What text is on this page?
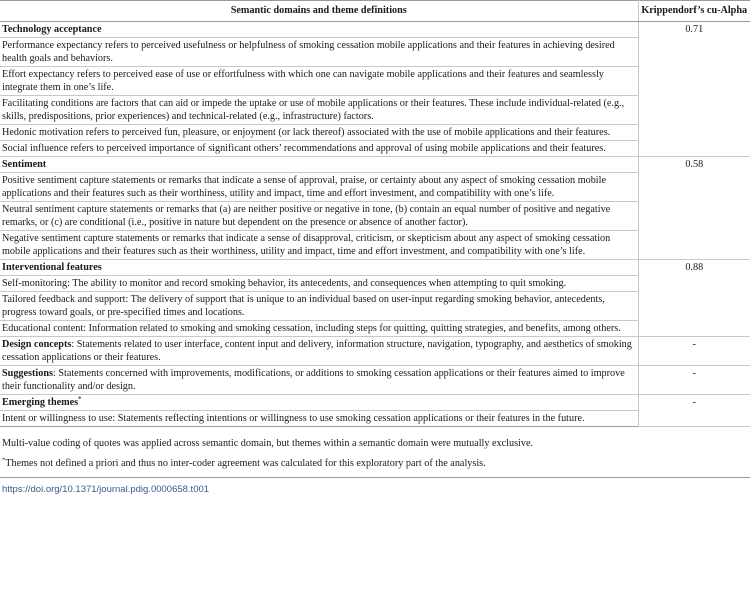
Semantic domains and theme definitions	Krippendorf’s cu-Alpha
Technology acceptance	0.71
Performance expectancy refers to perceived usefulness or helpfulness of smoking cessation mobile applications and their features in achieving desired health goals and behaviors.	
Effort expectancy refers to perceived ease of use or effortfulness with which one can navigate mobile applications and their features and seamlessly integrate them in one’s life.	
Facilitating conditions are factors that can aid or impede the uptake or use of mobile applications or their features. These include individual-related (e.g., skills, predispositions, prior experiences) and technical-related (e.g., infrastructure) factors.	
Hedonic motivation refers to perceived fun, pleasure, or enjoyment (or lack thereof) associated with the use of mobile applications and their features.	
Social influence refers to perceived importance of significant others’ recommendations and approval of using mobile applications and their features.	
Sentiment	0.58
Positive sentiment capture statements or remarks that indicate a sense of approval, praise, or certainty about any aspect of smoking cessation mobile applications and their features such as their worthiness, utility and impact, time and effort investment, and compatibility with one’s life.	
Neutral sentiment capture statements or remarks that (a) are neither positive or negative in tone, (b) contain an equal number of positive and negative remarks, or (c) are conditional (i.e., positive in nature but dependent on the presence or absence of another factor).	
Negative sentiment capture statements or remarks that indicate a sense of disapproval, criticism, or skepticism about any aspect of smoking cessation mobile applications and their features such as their worthiness, utility and impact, time and effort investment, and compatibility with one’s life.	
Interventional features	0.88
Self-monitoring: The ability to monitor and record smoking behavior, its antecedents, and consequences when attempting to quit smoking.	
Tailored feedback and support: The delivery of support that is unique to an individual based on user-input regarding smoking behavior, antecedents, progress toward goals, or pre-specified times and locations.	
Educational content: Information related to smoking and smoking cessation, including steps for quitting, quitting strategies, and benefits, among others.	
Design concepts: Statements related to user interface, content input and delivery, information structure, navigation, typography, and aesthetics of smoking cessation applications or their features.	-
Suggestions: Statements concerned with improvements, modifications, or additions to smoking cessation applications or their features aimed to improve their functionality and/or design.	-
Emerging themes*	-
Intent or willingness to use: Statements reflecting intentions or willingness to use smoking cessation applications or their features in the future.	

Multi-value coding of quotes was applied across semantic domain, but themes within a semantic domain were mutually exclusive.

*Themes not defined a priori and thus no inter-coder agreement was calculated for this exploratory part of the analysis.

https://doi.org/10.1371/journal.pdig.0000658.t001
